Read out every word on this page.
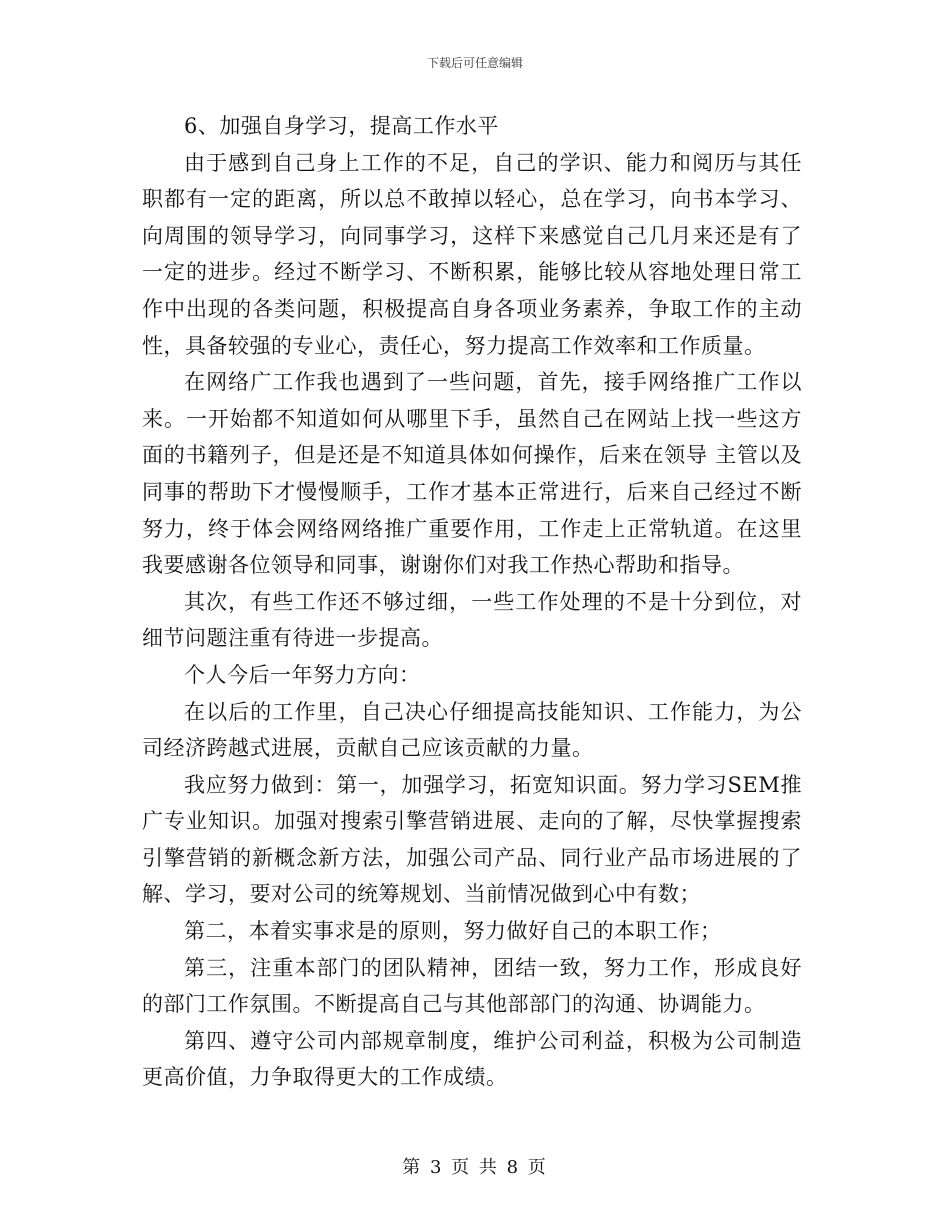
下载后可任意编辑

6、加强自身学习，提高工作水平

由于感到自己身上工作的不足，自己的学识、能力和阅历与其任职都有一定的距离，所以总不敢掉以轻心，总在学习，向书本学习、向周围的领导学习，向同事学习，这样下来感觉自己几月来还是有了一定的进步。经过不断学习、不断积累，能够比较从容地处理日常工作中出现的各类问题，积极提高自身各项业务素养，争取工作的主动性，具备较强的专业心，责任心，努力提高工作效率和工作质量。

在网络广工作我也遇到了一些问题，首先，接手网络推广工作以来。一开始都不知道如何从哪里下手，虽然自己在网站上找一些这方面的书籍列子，但是还是不知道具体如何操作，后来在领导 主管以及同事的帮助下才慢慢顺手，工作才基本正常进行，后来自己经过不断努力，终于体会网络网络推广重要作用，工作走上正常轨道。在这里我要感谢各位领导和同事，谢谢你们对我工作热心帮助和指导。

其次，有些工作还不够过细，一些工作处理的不是十分到位，对细节问题注重有待进一步提高。

个人今后一年努力方向：

在以后的工作里，自己决心仔细提高技能知识、工作能力，为公司经济跨越式进展，贡献自己应该贡献的力量。

我应努力做到：第一，加强学习，拓宽知识面。努力学习SEM推广专业知识。加强对搜索引擎营销进展、走向的了解，尽快掌握搜索引擎营销的新概念新方法，加强公司产品、同行业产品市场进展的了解、学习，要对公司的统筹规划、当前情况做到心中有数；

第二，本着实事求是的原则，努力做好自己的本职工作；

第三，注重本部门的团队精神，团结一致，努力工作，形成良好的部门工作氛围。不断提高自己与其他部部门的沟通、协调能力。

第四、遵守公司内部规章制度，维护公司利益，积极为公司制造更高价值，力争取得更大的工作成绩。

第 3 页 共 8 页
